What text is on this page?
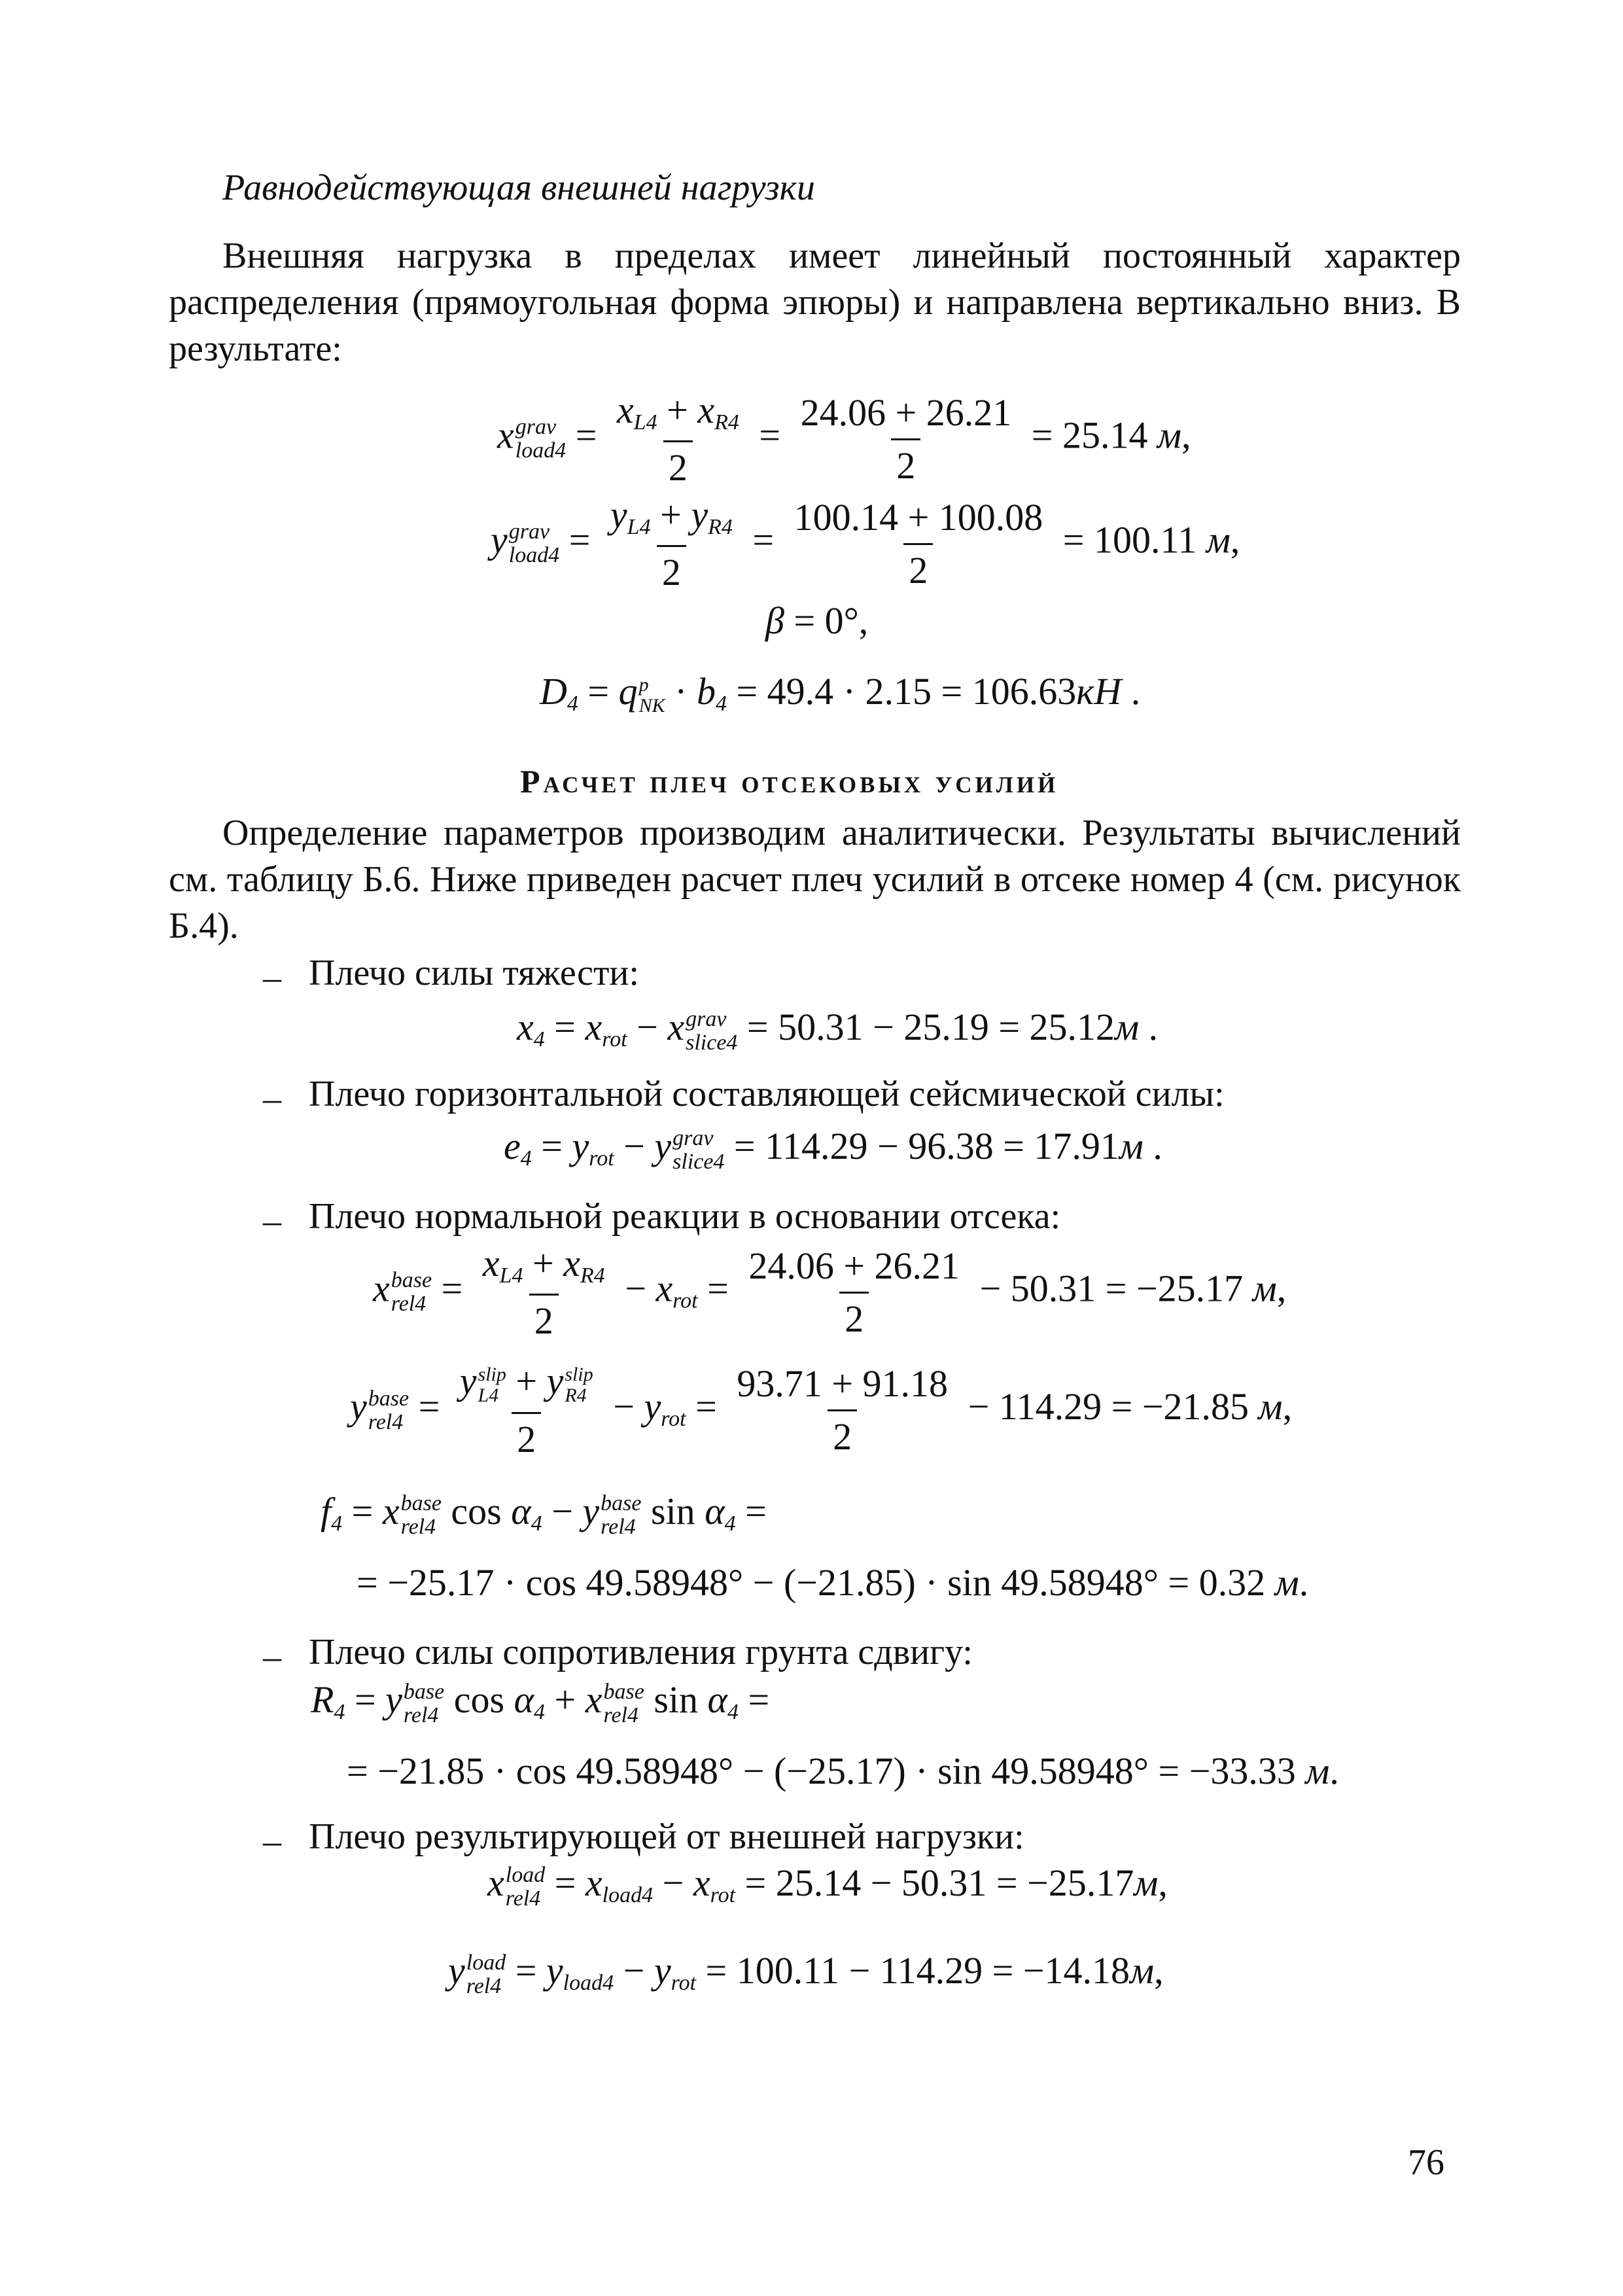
Равнодействующая внешней нагрузки
Внешняя нагрузка в пределах имеет линейный постоянный характер распределения (прямоугольная форма эпюры) и направлена вертикально вниз. В результате:
x grav
load4 = $\frac{x_{L4} + x_{R4}}{2} = \frac{24.06 + 26.21}{2} = 25.14$ м,
y grav
load4 = $\frac{y_{L4} + y_{R4}}{2} = \frac{100.14 + 100.08}{2} = 100.11$ м,
β = 0°,
$D_4 = q$ p
NK · $b_4 = 49.4 \cdot 2.15 = 106.63кН$ .
Расчет плеч отсековых усилий
Определение параметров производим аналитически. Результаты вычислений см. таблицу Б.6. Ниже приведен расчет плеч усилий в отсеке номер 4 (см. рисунок Б.4).
– Плечо силы тяжести:
$x_4 = x_{rot} - x$ grav
slice4 = 50.31 − 25.19 = 25.12м .
– Плечо горизонтальной составляющей сейсмической силы:
$e_4 = y_{rot} - y$ grav
slice4 = 114.29 − 96.38 = 17.91м .
– Плечо нормальной реакции в основании отсека:
x base
$rel4 = \frac{x_{L4} + x_{R4}}{2} - x_{rot} = \frac{24.06 + 26.21}{2} - 50.31 = -25.17$ м,
y base
rel4 = y slip
L4 + y slip
R4
$2 - y_{rot} = \frac{93.71 + 91.18}{2} - 114.29 = -21.85$ м,
$f_4 = x$ base
rel4 $\cos \alpha_4 - y$ base
rel4 $\sin \alpha_4$ =
= −25.17 · cos 49.58948° − (−21.85) · sin 49.58948° = 0.32 м.
– Плечо силы сопротивления грунта сдвигу:
$R_4 = y$ base
rel4 $\cos \alpha_4 + x$ base
rel4 $\sin \alpha_4$ =
= −21.85 · cos 49.58948° − (−25.17) · sin 49.58948° = −33.33 м.
– Плечо результирующей от внешней нагрузки:
x load
$rel4 = x_{load4} - x_{rot} = 25.14 - 50.31 = -25.17м$,
y load
$rel4 = y_{load4} - y_{rot} = 100.11 - 114.29 = -14.18м$,
76
